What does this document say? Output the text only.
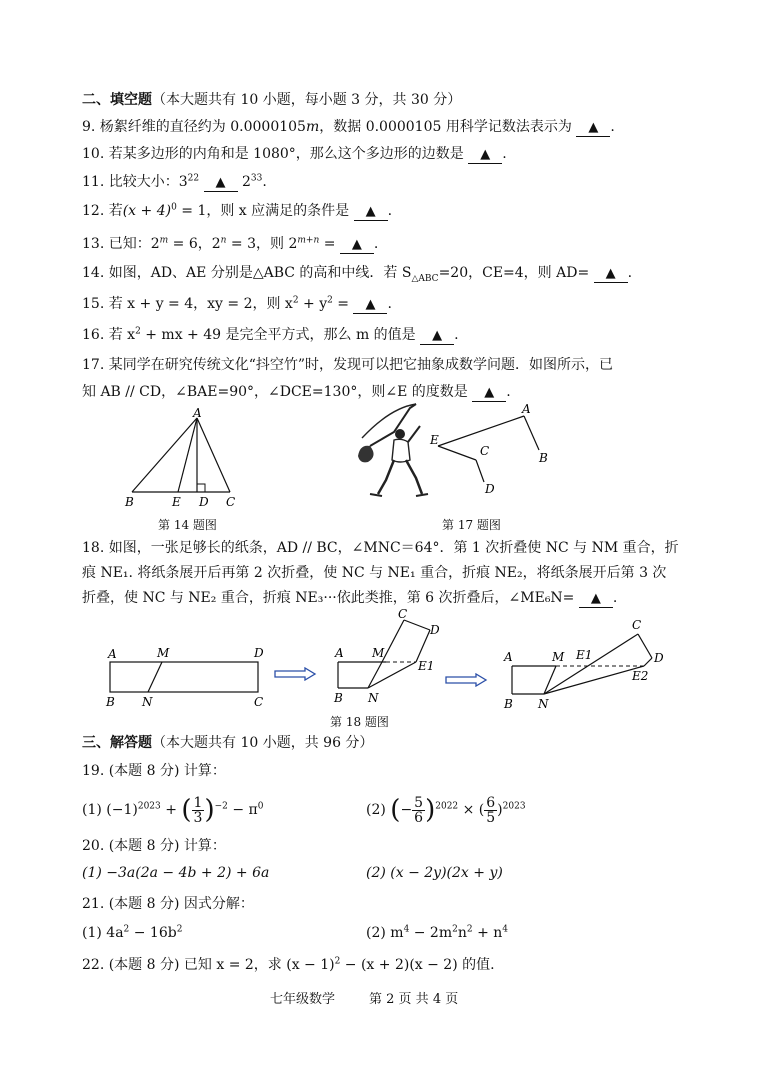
二、填空题（本大题共有 10 小题，每小题 3 分，共 30 分）
9. 杨絮纤维的直径约为 0.0000105m，数据 0.0000105 用科学记数法表示为 ▲ .
10. 若某多边形的内角和是 1080°，那么这个多边形的边数是 ▲ .
11. 比较大小：$3^{22}$ ▲ $2^{33}$.
12. 若$(x + 4)^0 = 1$，则 x 应满足的条件是 ▲ .
13. 已知：$2^m = 6$，$2^n = 3$，则 $2^{m+n}$ = ▲ .
14. 如图，AD、AE 分别是△ABC 的高和中线．若 $S_{\triangle ABC}=20$，CE=4，则 AD= ▲ .
15. 若 x + y = 4，xy = 2，则 $x^2 + y^2$ = ▲ .
16. 若 $x^2$ + mx + 49 是完全平方式，那么 m 的值是 ▲ .
17. 某同学在研究传统文化“抖空竹”时，发现可以把它抽象成数学问题．如图所示，已
知 AB // CD，∠BAE=90°，∠DCE=130°，则∠E 的度数是 ▲ .
A
B	E D C
第 14 题图
A
E
C	B
D
第 17 题图
18. 如图，一张足够长的纸条，AD // BC，∠MNC＝64°．第 1 次折叠使 NC 与 NM 重合，折
痕 NE₁. 将纸条展开后再第 2 次折叠，使 NC 与 NE₁ 重合，折痕 NE₂，将纸条展开后第 3 次
折叠，使 NC 与 NE₂ 重合，折痕 NE₃···依此类推，第 6 次折叠后，∠ME₆N= ▲ .
A	M	D
B N	C
C
D
A M
E1
B N
C
A	M E1	D
E2
B N
第 18 题图
三、解答题（本大题共有 10 小题，共 96 分）
19. (本题 8 分) 计算：
(1) $(-1)^{2023}$ + ( $\frac{1}{3} )^{-2} - \pi^0$	(2) (− $\frac{5}{6} )^{2022}$ × ( $\frac{6}{5} )^{2023}$
20. (本题 8 分) 计算：
(1) −3a(2a − 4b + 2) + 6a	(2) (x − 2y)(2x + y)
21. (本题 8 分) 因式分解：
(1) $4a^2 - 16b^2$	(2) $m^4 - 2m^2n^2 + n^4$
22. (本题 8 分) 已知 x = 2，求 $(x - 1)^2 - (x + 2)(x - 2)$ 的值.
七年级数学	第 2 页 共 4 页
